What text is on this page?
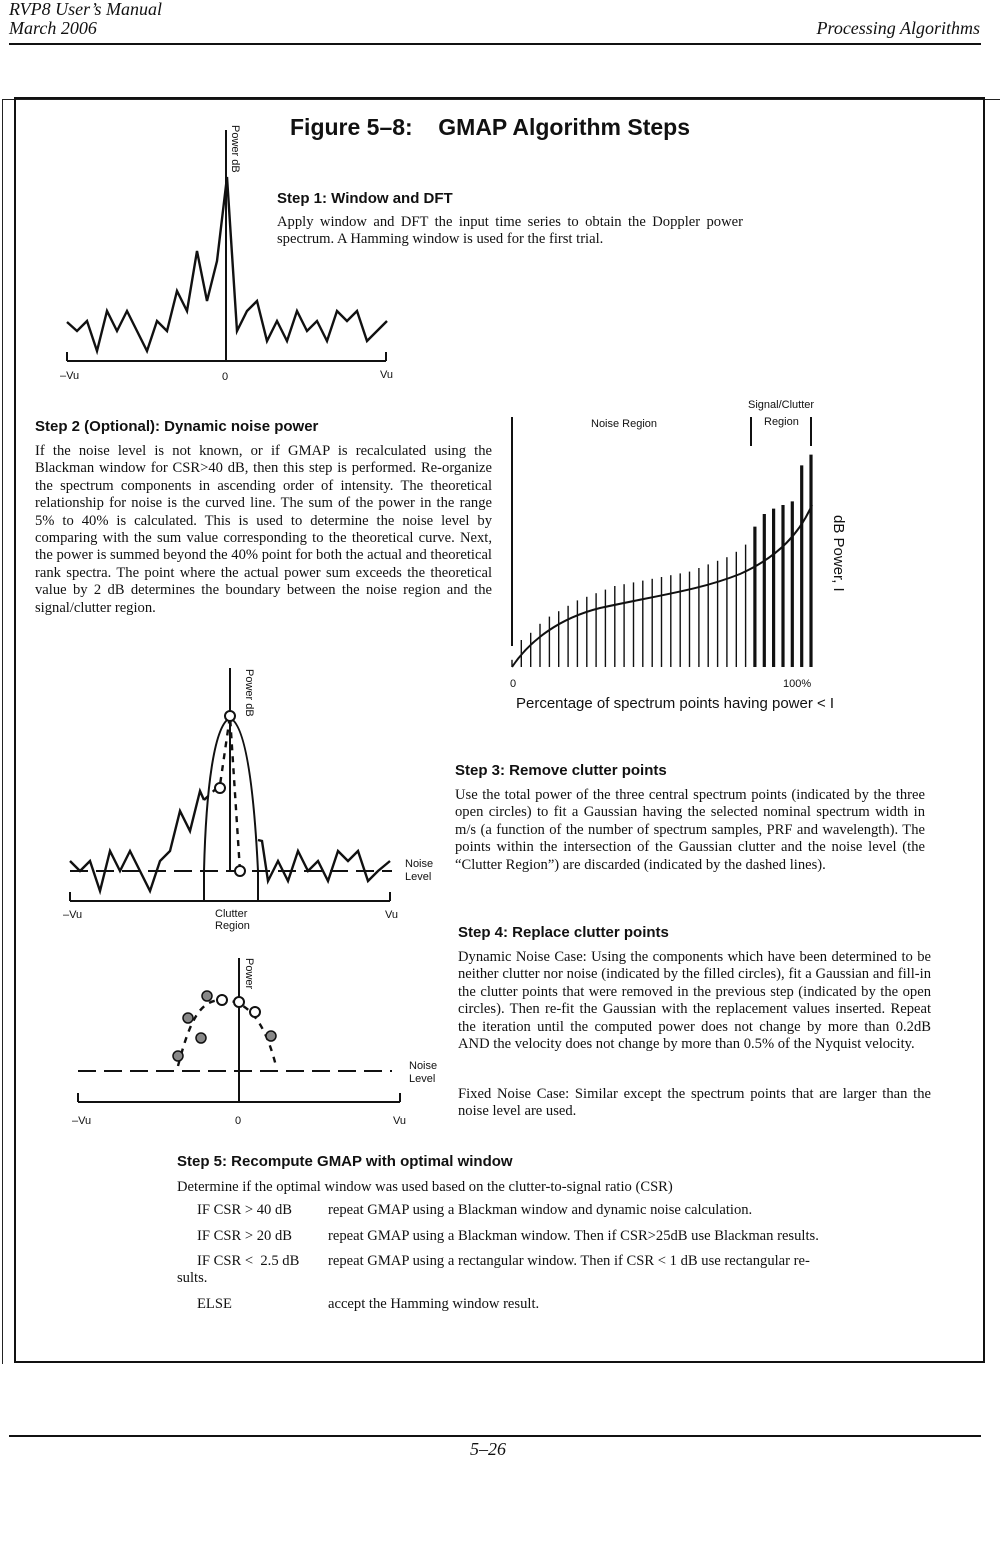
RVP8 User’s Manual
March 2006	Processing Algorithms
Figure 5–8:    GMAP Algorithm Steps
Power dB
–Vu	0	Vu
Step 1: Window and DFT
Apply window and DFT the input time series to obtain the Doppler power spectrum. A Hamming window is used for the first trial.
Step 2 (Optional): Dynamic noise power
If the noise level is not known, or if GMAP is recalculated using the Blackman window for CSR>40 dB, then this step is performed. Re-organize the spectrum components in ascending order of intensity. The theoretical relationship for noise is the curved line. The sum of the power in the range 5% to 40% is calculated. This is used to determine the noise level by comparing with the sum value corresponding to the theoretical curve. Next, the power is summed beyond the 40% point for both the actual and theoretical rank spectra. The point where the actual power sum exceeds the theoretical value by 2 dB determines the boundary between the noise region and the signal/clutter region.
Noise Region
Signal/Clutter
Region
dB Power, I
0	100%
Percentage of spectrum points having power < I
Power dB
Noise
Level
Clutter
Region
–Vu	Vu
Step 3: Remove clutter points
Use the total power of the three central spectrum points (indicated by the three open circles) to fit a Gaussian having the selected nominal spectrum width in m/s (a function of the number of spectrum samples, PRF and wavelength). The points within the intersection of the Gaussian clutter and the noise level (the “Clutter Region”) are discarded (indicated by the dashed lines).
Power
Noise
Level
–Vu	0	Vu
Step 4: Replace clutter points
Dynamic Noise Case: Using the components which have been determined to be neither clutter nor noise (indicated by the filled circles), fit a Gaussian and fill-in the clutter points that were removed in the previous step (indicated by the open circles). Then re-fit the Gaussian with the replacement values inserted. Repeat the iteration until the computed power does not change by more than 0.2dB AND the velocity does not change by more than 0.5% of the Nyquist velocity.
Fixed Noise Case: Similar except the spectrum points that are larger than the noise level are used.
Step 5: Recompute GMAP with optimal window
Determine if the optimal window was used based on the clutter-to-signal ratio (CSR)
IF CSR > 40 dB repeat GMAP using a Blackman window and dynamic noise calculation.
IF CSR > 20 dB repeat GMAP using a Blackman window. Then if CSR>25dB use Blackman results.
IF CSR <  2.5 dB repeat GMAP using a rectangular window. Then if CSR < 1 dB use rectangular re-
sults.
ELSE	accept the Hamming window result.
5–26
